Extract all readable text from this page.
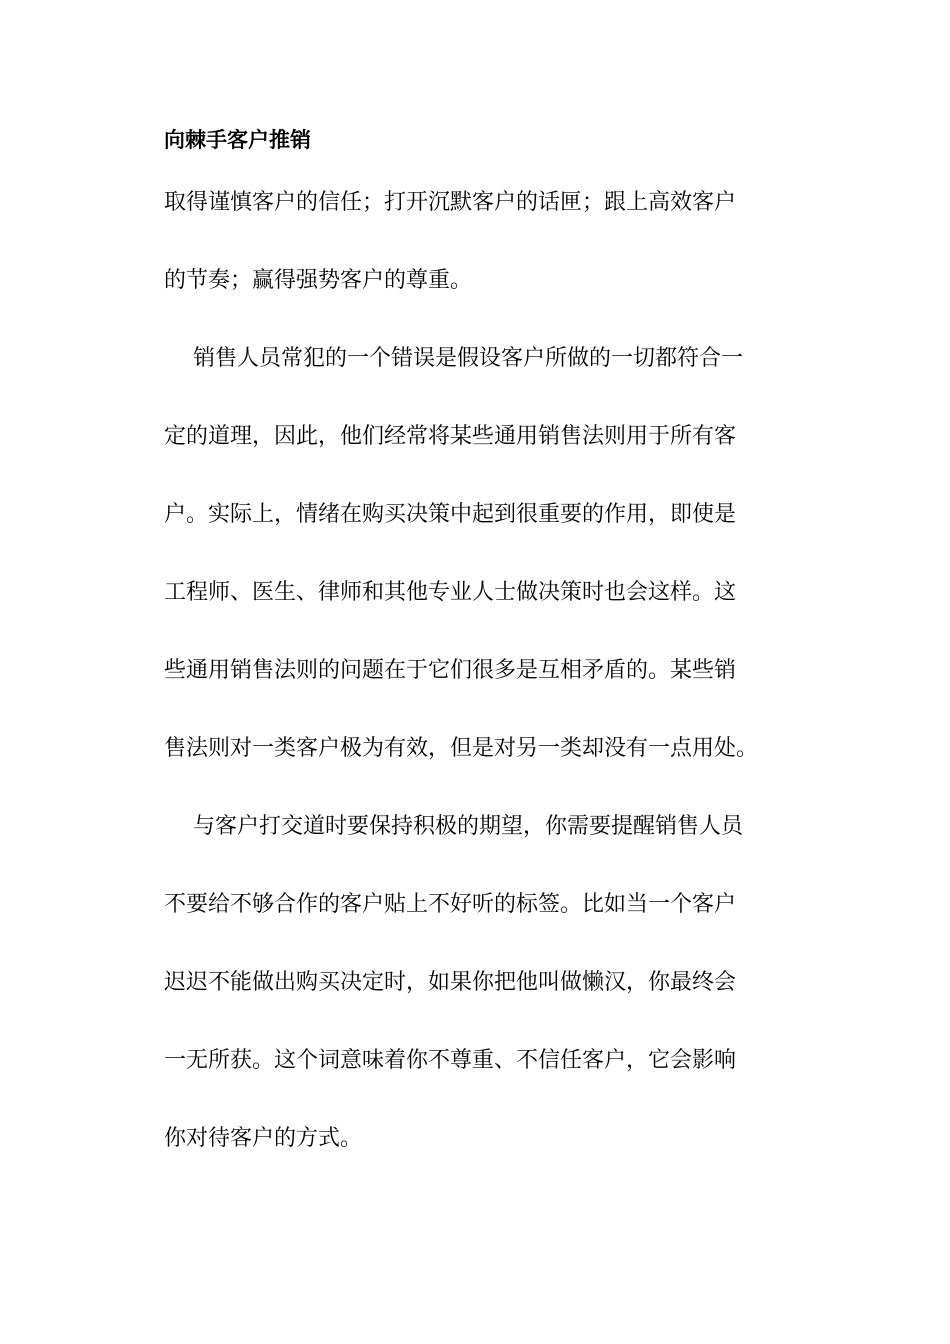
向棘手客户推销
取得谨慎客户的信任；打开沉默客户的话匣；跟上高效客户
的节奏；赢得强势客户的尊重。
销售人员常犯的一个错误是假设客户所做的一切都符合一
定的道理，因此，他们经常将某些通用销售法则用于所有客
户。实际上，情绪在购买决策中起到很重要的作用，即使是
工程师、医生、律师和其他专业人士做决策时也会这样。这
些通用销售法则的问题在于它们很多是互相矛盾的。某些销
售法则对一类客户极为有效，但是对另一类却没有一点用处。
与客户打交道时要保持积极的期望，你需要提醒销售人员
不要给不够合作的客户贴上不好听的标签。比如当一个客户
迟迟不能做出购买决定时，如果你把他叫做懒汉，你最终会
一无所获。这个词意味着你不尊重、不信任客户，它会影响
你对待客户的方式。
